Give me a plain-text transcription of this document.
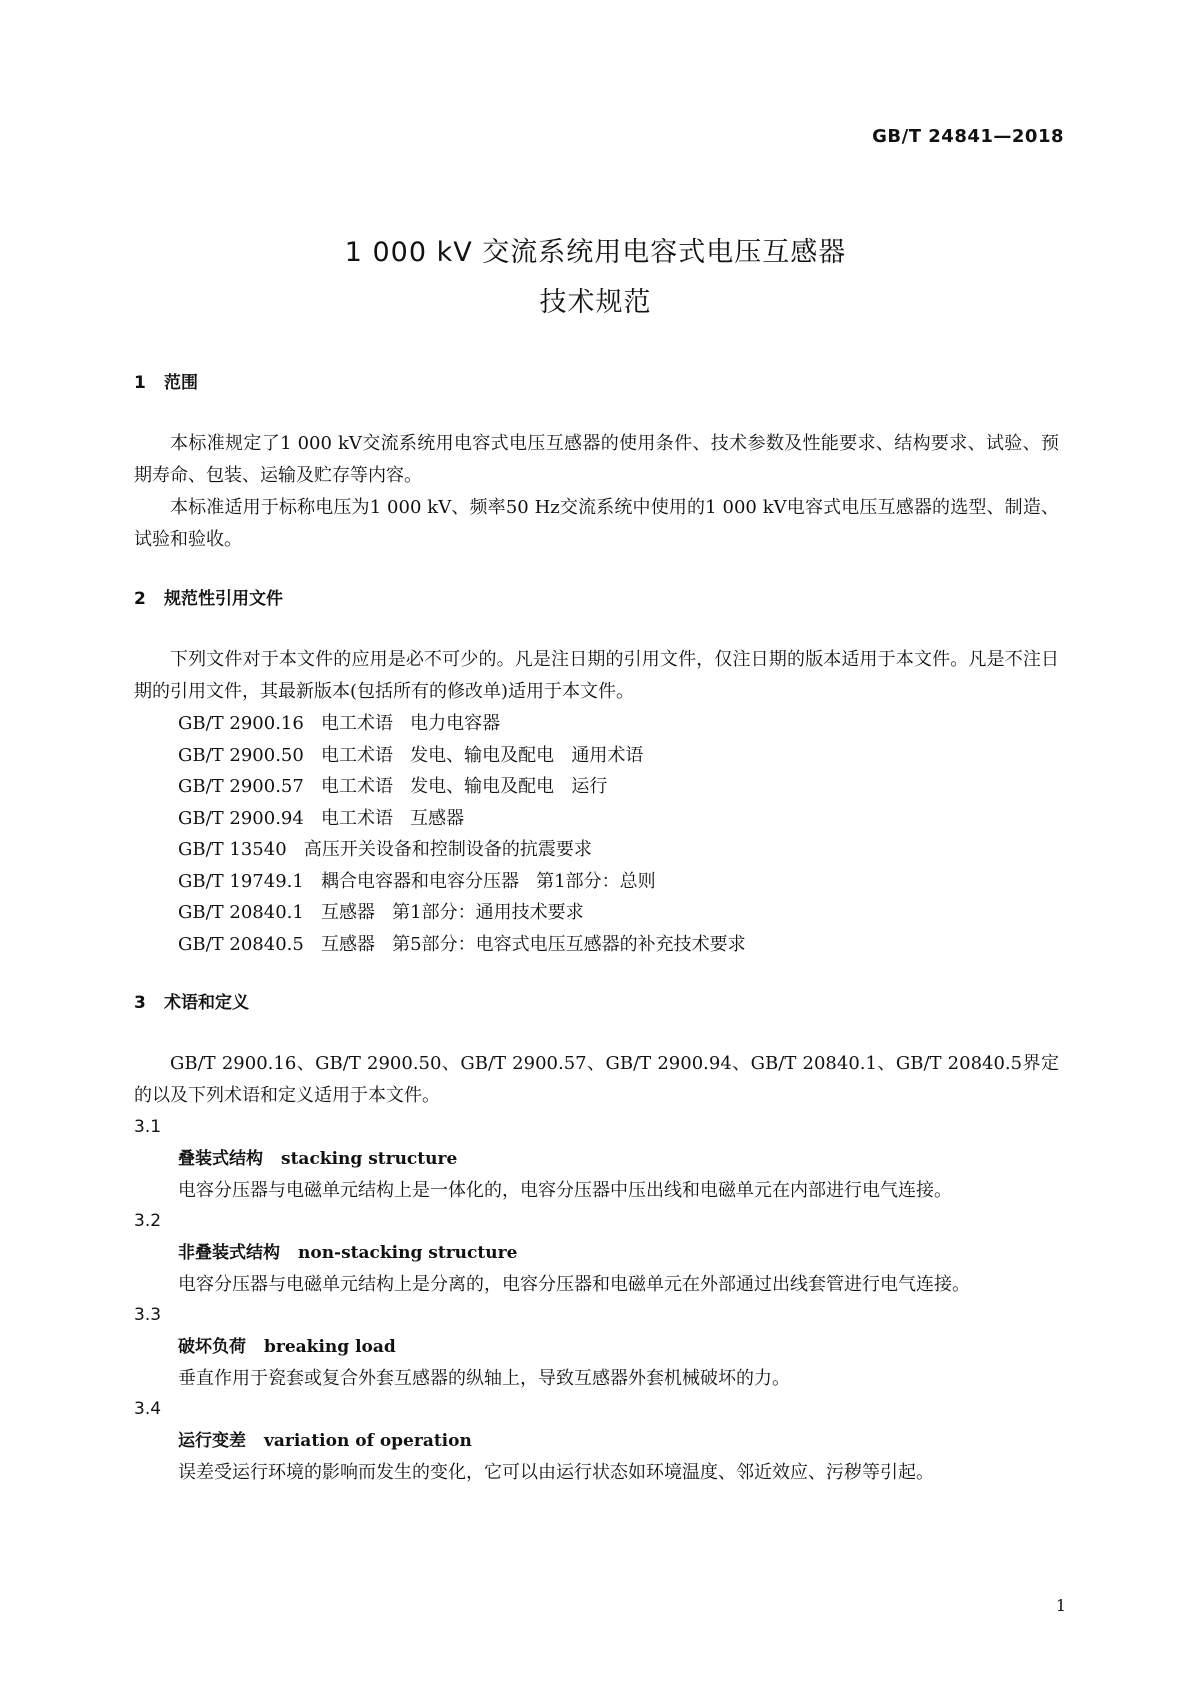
GB/T 24841—2018
1 000 kV 交流系统用电容式电压互感器
技术规范
1 范围
本标准规定了1 000 kV交流系统用电容式电压互感器的使用条件、技术参数及性能要求、结构要求、试验、预期寿命、包装、运输及贮存等内容。
本标准适用于标称电压为1 000 kV、频率50 Hz交流系统中使用的1 000 kV电容式电压互感器的选型、制造、试验和验收。
2 规范性引用文件
下列文件对于本文件的应用是必不可少的。凡是注日期的引用文件，仅注日期的版本适用于本文件。凡是不注日期的引用文件，其最新版本(包括所有的修改单)适用于本文件。
GB/T 2900.16   电工术语   电力电容器
GB/T 2900.50   电工术语   发电、输电及配电   通用术语
GB/T 2900.57   电工术语   发电、输电及配电   运行
GB/T 2900.94   电工术语   互感器
GB/T 13540   高压开关设备和控制设备的抗震要求
GB/T 19749.1   耦合电容器和电容分压器   第1部分：总则
GB/T 20840.1   互感器   第1部分：通用技术要求
GB/T 20840.5   互感器   第5部分：电容式电压互感器的补充技术要求
3 术语和定义
GB/T 2900.16、GB/T 2900.50、GB/T 2900.57、GB/T 2900.94、GB/T 20840.1、GB/T 20840.5界定的以及下列术语和定义适用于本文件。
3.1
叠装式结构 stacking structure
电容分压器与电磁单元结构上是一体化的，电容分压器中压出线和电磁单元在内部进行电气连接。
3.2
非叠装式结构 non-stacking structure
电容分压器与电磁单元结构上是分离的，电容分压器和电磁单元在外部通过出线套管进行电气连接。
3.3
破坏负荷 breaking load
垂直作用于瓷套或复合外套互感器的纵轴上，导致互感器外套机械破坏的力。
3.4
运行变差 variation of operation
误差受运行环境的影响而发生的变化，它可以由运行状态如环境温度、邻近效应、污秽等引起。
1
